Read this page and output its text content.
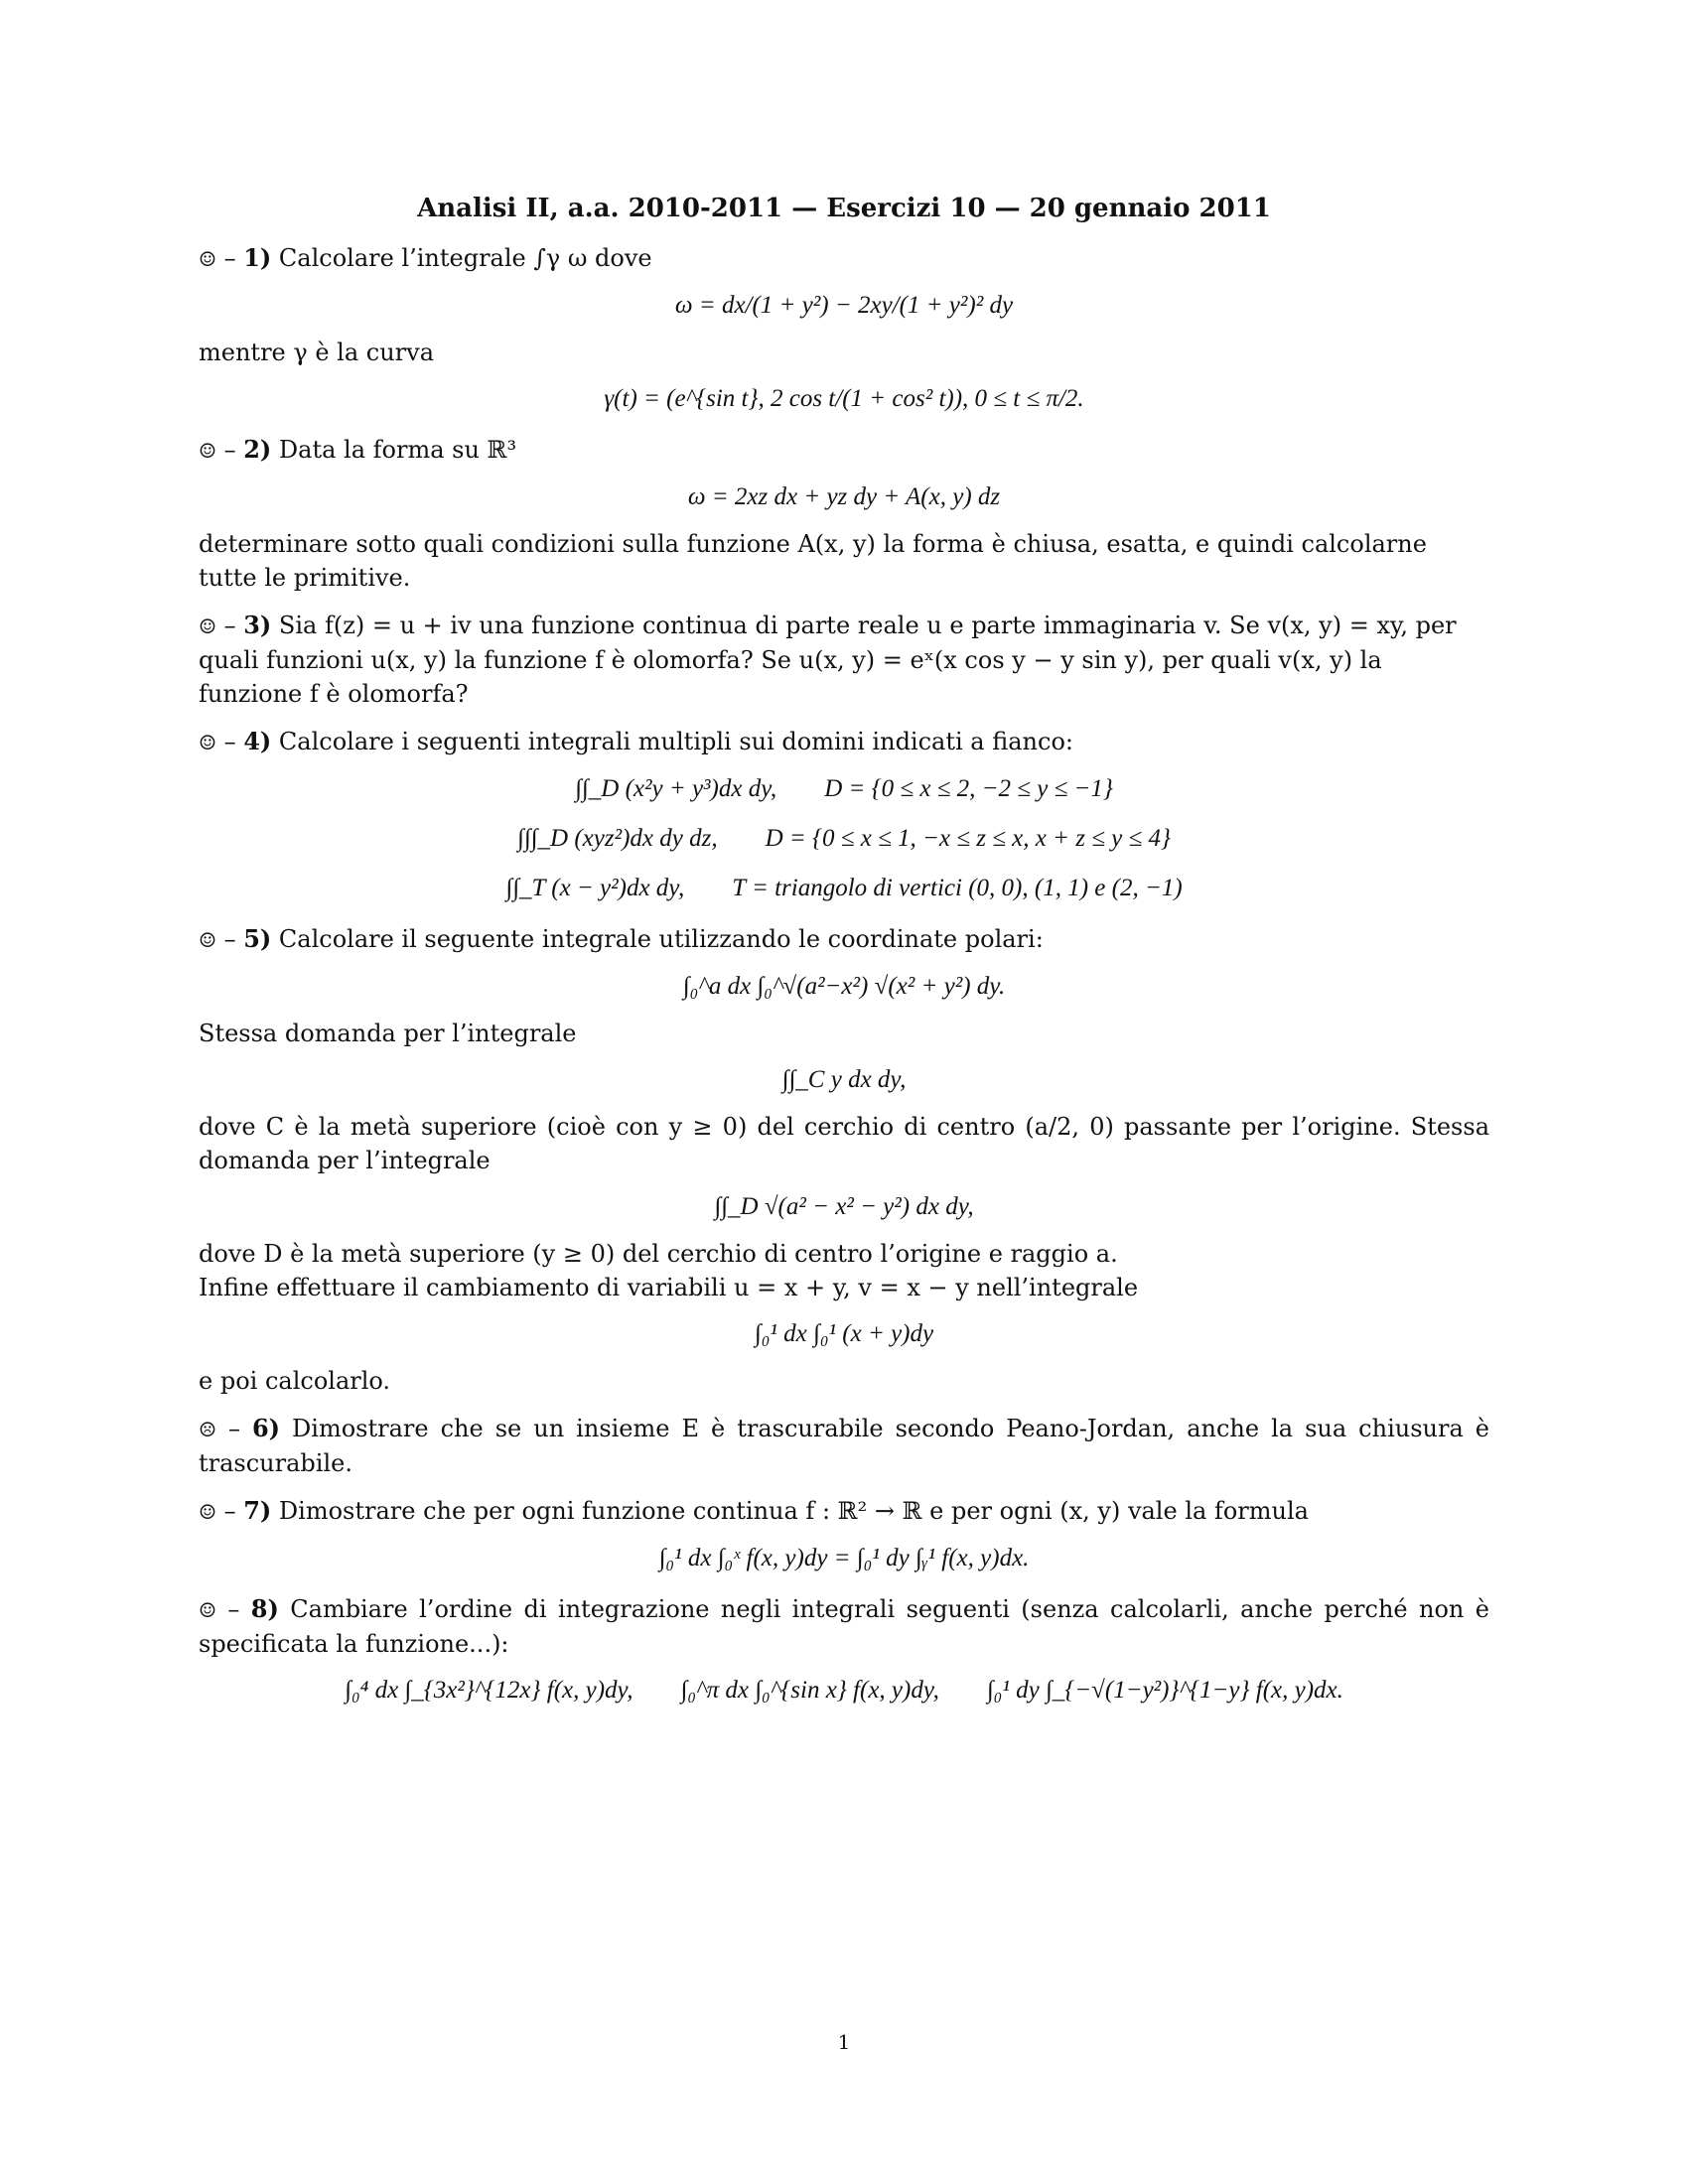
Analisi II, a.a. 2010-2011 — Esercizi 10 — 20 gennaio 2011

☺ – 1) Calcolare l’integrale ∫γ ω dove

ω = dx/(1 + y²) − 2xy/(1 + y²)² dy

mentre γ è la curva

γ(t) = (e^{sin t}, 2 cos t/(1 + cos² t)), 0 ≤ t ≤ π/2.

☺ – 2) Data la forma su ℝ³

ω = 2xz dx + yz dy + A(x, y) dz

determinare sotto quali condizioni sulla funzione A(x, y) la forma è chiusa, esatta, e quindi calcolarne tutte le primitive.

☺ – 3) Sia f(z) = u + iv una funzione continua di parte reale u e parte immaginaria v. Se v(x, y) = xy, per quali funzioni u(x, y) la funzione f è olomorfa? Se u(x, y) = eˣ(x cos y − y sin y), per quali v(x, y) la funzione f è olomorfa?

☺ – 4) Calcolare i seguenti integrali multipli sui domini indicati a fianco:

∫∫_D (x²y + y³)dx dy, D = {0 ≤ x ≤ 2, −2 ≤ y ≤ −1}
∫∫∫_D (xyz²)dx dy dz, D = {0 ≤ x ≤ 1, −x ≤ z ≤ x, x + z ≤ y ≤ 4}
∫∫_T (x − y²)dx dy, T = triangolo di vertici (0, 0), (1, 1) e (2, −1)

☺ – 5) Calcolare il seguente integrale utilizzando le coordinate polari:

∫₀^a dx ∫₀^√(a²−x²) √(x² + y²) dy.

Stessa domanda per l’integrale

∫∫_C y dx dy,

dove C è la metà superiore (cioè con y ≥ 0) del cerchio di centro (a/2, 0) passante per l’origine. Stessa domanda per l’integrale

∫∫_D √(a² − x² − y²) dx dy,

dove D è la metà superiore (y ≥ 0) del cerchio di centro l’origine e raggio a.

Infine effettuare il cambiamento di variabili u = x + y, v = x − y nell’integrale

∫₀¹ dx ∫₀¹ (x + y)dy

e poi calcolarlo.

☹ – 6) Dimostrare che se un insieme E è trascurabile secondo Peano-Jordan, anche la sua chiusura è trascurabile.

☺ – 7) Dimostrare che per ogni funzione continua f : ℝ² → ℝ e per ogni (x, y) vale la formula

∫₀¹ dx ∫₀ˣ f(x, y)dy = ∫₀¹ dy ∫ᵧ¹ f(x, y)dx.

☺ – 8) Cambiare l’ordine di integrazione negli integrali seguenti (senza calcolarli, anche perché non è specificata la funzione...):

∫₀⁴ dx ∫_{3x²}^{12x} f(x, y)dy, ∫₀^π dx ∫₀^{sin x} f(x, y)dy, ∫₀¹ dy ∫_{−√(1−y²)}^{1−y} f(x, y)dx.
1
